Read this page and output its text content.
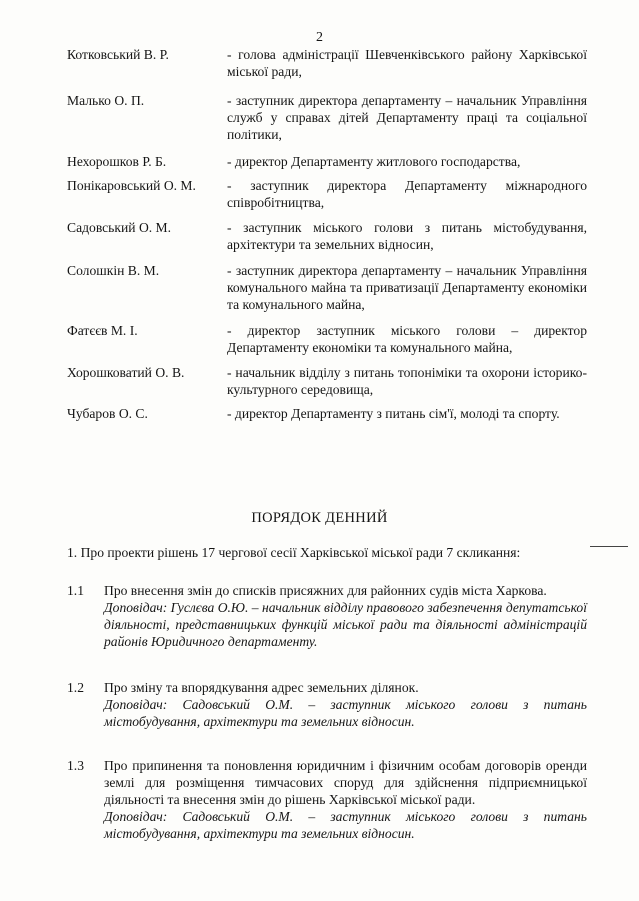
2
Котковський В. Р.	- голова адміністрації Шевченківського району Харківської міської ради,
Малько О. П.	- заступник директора департаменту – начальник Управління служб у справах дітей Департаменту праці та соціальної політики,
Нехорошков Р. Б.	- директор Департаменту житлового господарства,
Понікаровський О. М. - заступник директора Департаменту міжнародного співробітництва,
Садовський О. М.	- заступник міського голови з питань містобудування, архітектури та земельних відносин,
Солошкін В. М.	- заступник директора департаменту – начальник Управління комунального майна та приватизації Департаменту економіки та комунального майна,
Фатєєв М. І.	- директор заступник міського голови – директор Департаменту економіки та комунального майна,
Хорошковатий О. В.	- начальник відділу з питань топоніміки та охорони історико-культурного середовища,
Чубаров О. С.	- директор Департаменту з питань сім'ї, молоді та спорту.
ПОРЯДОК ДЕННИЙ
1. Про проекти рішень 17 чергової сесії Харківської міської ради 7 скликання:
1.1 Про внесення змін до списків присяжних для районних судів міста Харкова.
Доповідач: Гуслєва О.Ю. – начальник відділу правового забезпечення депутатської діяльності, представницьких функцій міської ради та діяльності адміністрацій районів Юридичного департаменту.
1.2 Про зміну та впорядкування адрес земельних ділянок.
Доповідач: Садовський О.М. – заступник міського голови з питань містобудування, архітектури та земельних відносин.
1.3 Про припинення та поновлення юридичним і фізичним особам договорів оренди землі для розміщення тимчасових споруд для здійснення підприємницької діяльності та внесення змін до рішень Харківської міської ради.
Доповідач: Садовський О.М. – заступник міського голови з питань містобудування, архітектури та земельних відносин.
